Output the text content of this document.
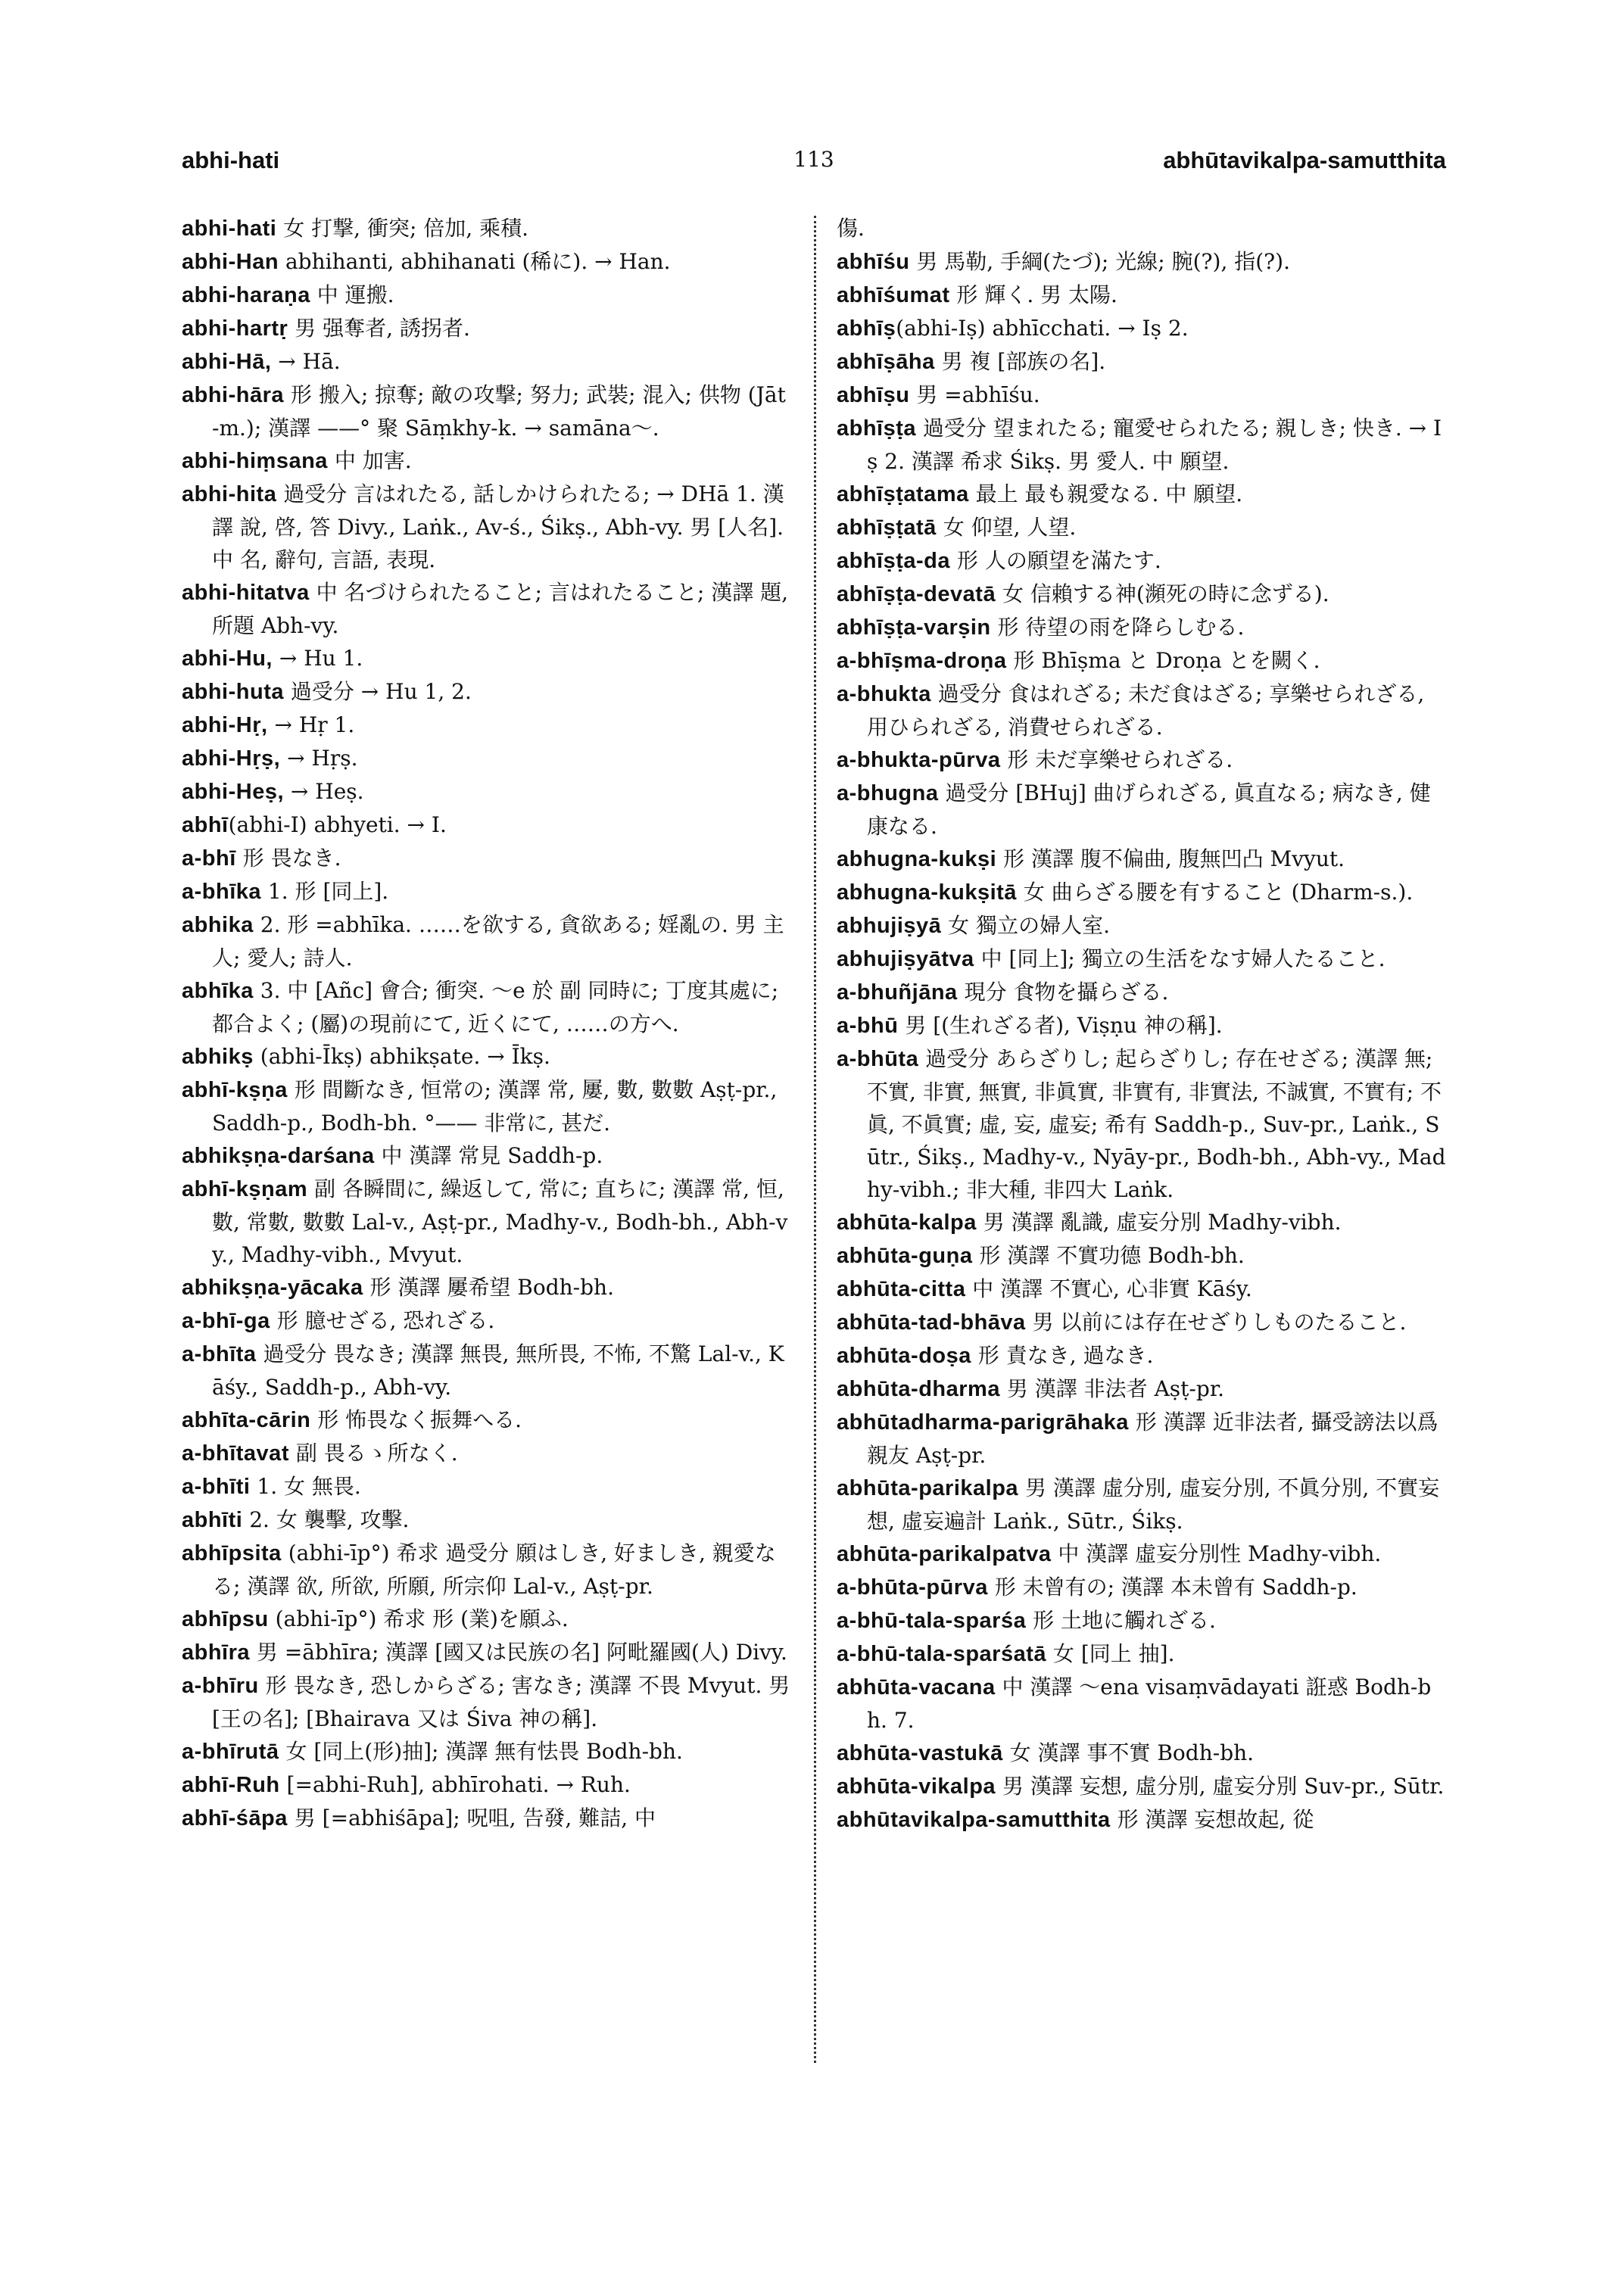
abhi-hati	113	abhūtavikalpa-samutthita

abhi-hati 女 打撃, 衝突; 倍加, 乘積.

abhi-Han abhihanti, abhihanati (稀に). → Han.

abhi-haraṇa 中 運搬.

abhi-hartṛ 男 强奪者, 誘拐者.

abhi-Hā, → Hā.

abhi-hāra 形 搬入; 掠奪; 敵の攻撃; 努力; 武裝; 混入; 供物 (Jāt-m.); 漢譯 ——° 聚 Sāṃkhy-k. → samāna〜.

abhi-hiṃsana 中 加害.

abhi-hita 過受分 言はれたる, 話しかけられたる; → DHā 1. 漢譯 說, 啓, 答 Divy., Laṅk., Av-ś., Śikṣ., Abh-vy. 男 [人名]. 中 名, 辭句, 言語, 表現.

abhi-hitatva 中 名づけられたること; 言はれたること; 漢譯 題, 所題 Abh-vy.

abhi-Hu, → Hu 1.

abhi-huta 過受分 → Hu 1, 2.

abhi-Hṛ, → Hṛ 1.

abhi-Hṛṣ, → Hṛṣ.

abhi-Heṣ, → Heṣ.

abhī(abhi-I) abhyeti. → I.

a-bhī 形 畏なき.

a-bhīka 1. 形 [同上].

abhika 2. 形 =abhīka. ……を欲する, 貪欲ある; 婬亂の. 男 主人; 愛人; 詩人.

abhīka 3. 中 [Añc] 會合; 衝突. 〜e 於 副 同時に; 丁度其處に; 都合よく; (屬)の現前にて, 近くにて, ……の方へ.

abhikṣ (abhi-Īkṣ) abhikṣate. → Īkṣ.

abhī-kṣṇa 形 間斷なき, 恒常の; 漢譯 常, 屢, 數, 數數 Aṣṭ-pr., Saddh-p., Bodh-bh. °—— 非常に, 甚だ.

abhikṣṇa-darśana 中 漢譯 常見 Saddh-p.

abhī-kṣṇam 副 各瞬間に, 繰返して, 常に; 直ちに; 漢譯 常, 恒, 數, 常數, 數數 Lal-v., Aṣṭ-pr., Madhy-v., Bodh-bh., Abh-vy., Madhy-vibh., Mvyut.

abhikṣṇa-yācaka 形 漢譯 屢希望 Bodh-bh.

a-bhī-ga 形 臆せざる, 恐れざる.

a-bhīta 過受分 畏なき; 漢譯 無畏, 無所畏, 不怖, 不驚 Lal-v., Kāśy., Saddh-p., Abh-vy.

abhīta-cārin 形 怖畏なく振舞へる.

a-bhītavat 副 畏るゝ所なく.

a-bhīti 1. 女 無畏.

abhīti 2. 女 襲擊, 攻擊.

abhīpsita (abhi-īp°) 希求 過受分 願はしき, 好ましき, 親愛なる; 漢譯 欲, 所欲, 所願, 所宗仰 Lal-v., Aṣṭ-pr.

abhīpsu (abhi-īp°) 希求 形 (業)を願ふ.

abhīra 男 =ābhīra; 漢譯 [國又は民族の名] 阿毗羅國(人) Divy.

a-bhīru 形 畏なき, 恐しからざる; 害なき; 漢譯 不畏 Mvyut. 男 [王の名]; [Bhairava 又は Śiva 神の稱].

a-bhīrutā 女 [同上(形)抽]; 漢譯 無有怯畏 Bodh-bh.

abhī-Ruh [=abhi-Ruh], abhīrohati. → Ruh.

abhī-śāpa 男 [=abhiśāpa]; 呪咀, 告發, 難詰, 中

傷.

abhīśu 男 馬勒, 手綱(たづ); 光線; 腕(?), 指(?).

abhīśumat 形 輝く. 男 太陽.

abhīṣ(abhi-Iṣ) abhīcchati. → Iṣ 2.

abhīṣāha 男 複 [部族の名].

abhīṣu 男 =abhīśu.

abhīṣṭa 過受分 望まれたる; 寵愛せられたる; 親しき; 快き. → Iṣ 2. 漢譯 希求 Śikṣ. 男 愛人. 中 願望.

abhīṣṭatama 最上 最も親愛なる. 中 願望.

abhīṣṭatā 女 仰望, 人望.

abhīṣṭa-da 形 人の願望を滿たす.

abhīṣṭa-devatā 女 信賴する神(瀕死の時に念ずる).

abhīṣṭa-varṣin 形 待望の雨を降らしむる.

a-bhīṣma-droṇa 形 Bhīṣma と Droṇa とを闕く.

a-bhukta 過受分 食はれざる; 未だ食はざる; 享樂せられざる, 用ひられざる, 消費せられざる.

a-bhukta-pūrva 形 未だ享樂せられざる.

a-bhugna 過受分 [BHuj] 曲げられざる, 眞直なる; 病なき, 健康なる.

abhugna-kukṣi 形 漢譯 腹不偏曲, 腹無凹凸 Mvyut.

abhugna-kukṣitā 女 曲らざる腰を有すること (Dharm-s.).

abhujiṣyā 女 獨立の婦人室.

abhujiṣyātva 中 [同上]; 獨立の生活をなす婦人たること.

a-bhuñjāna 現分 食物を攝らざる.

a-bhū 男 [(生れざる者), Viṣṇu 神の稱].

a-bhūta 過受分 あらざりし; 起らざりし; 存在せざる; 漢譯 無; 不實, 非實, 無實, 非眞實, 非實有, 非實法, 不誠實, 不實有; 不眞, 不眞實; 虛, 妄, 虛妄; 希有 Saddh-p., Suv-pr., Laṅk., Sūtr., Śikṣ., Madhy-v., Nyāy-pr., Bodh-bh., Abh-vy., Madhy-vibh.; 非大種, 非四大 Laṅk.

abhūta-kalpa 男 漢譯 亂識, 虛妄分別 Madhy-vibh.

abhūta-guṇa 形 漢譯 不實功德 Bodh-bh.

abhūta-citta 中 漢譯 不實心, 心非實 Kāśy.

abhūta-tad-bhāva 男 以前には存在せざりしものたること.

abhūta-doṣa 形 責なき, 過なき.

abhūta-dharma 男 漢譯 非法者 Aṣṭ-pr.

abhūtadharma-parigrāhaka 形 漢譯 近非法者, 攝受謗法以爲親友 Aṣṭ-pr.

abhūta-parikalpa 男 漢譯 虛分別, 虛妄分別, 不眞分別, 不實妄想, 虛妄遍計 Laṅk., Sūtr., Śikṣ.

abhūta-parikalpatva 中 漢譯 虛妄分別性 Madhy-vibh.

a-bhūta-pūrva 形 未曾有の; 漢譯 本未曾有 Saddh-p.

a-bhū-tala-sparśa 形 土地に觸れざる.

a-bhū-tala-sparśatā 女 [同上 抽].

abhūta-vacana 中 漢譯 〜ena visaṃvādayati 誑惑 Bodh-bh. 7.

abhūta-vastukā 女 漢譯 事不實 Bodh-bh.

abhūta-vikalpa 男 漢譯 妄想, 虛分別, 虛妄分別 Suv-pr., Sūtr.

abhūtavikalpa-samutthita 形 漢譯 妄想故起, 從
